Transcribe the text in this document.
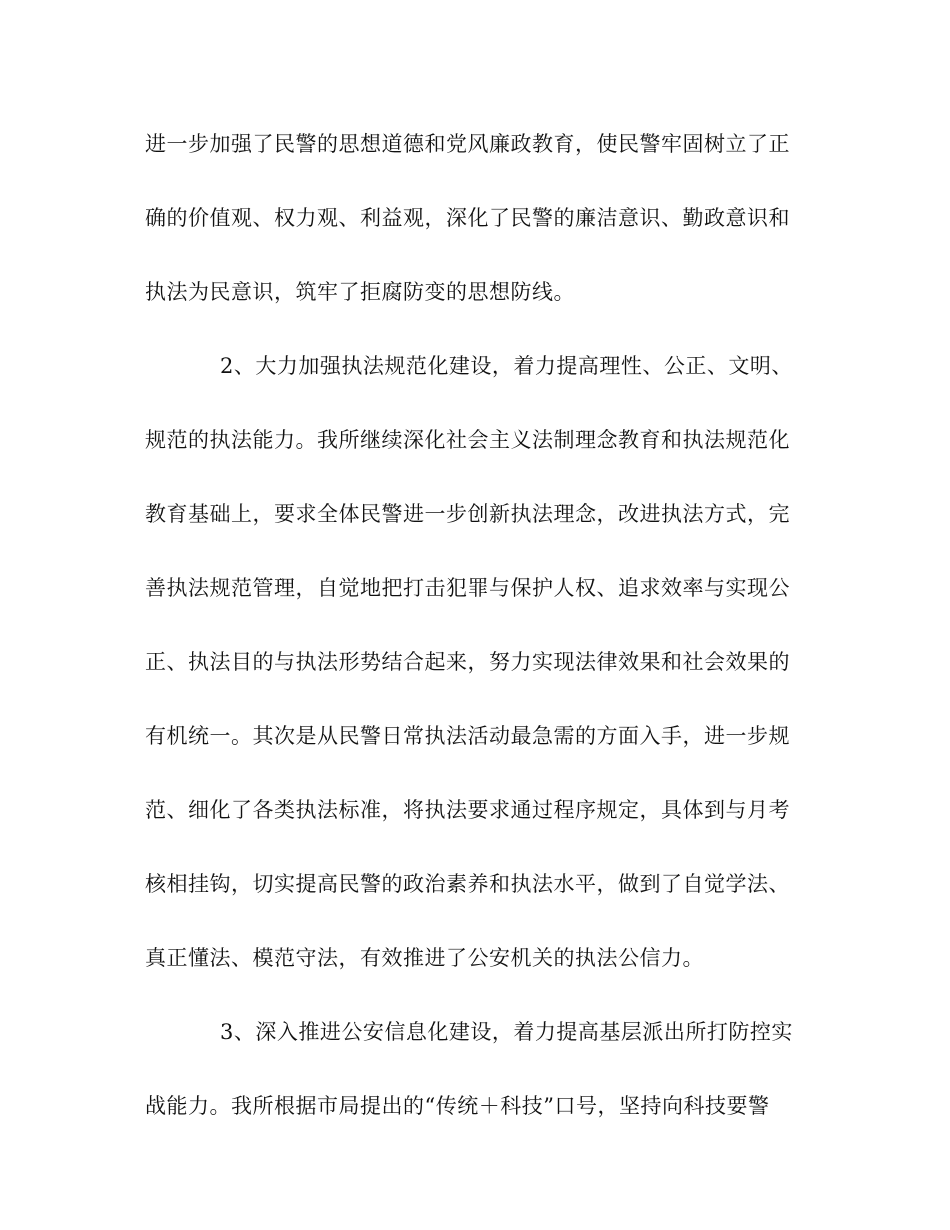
进一步加强了民警的思想道德和党风廉政教育，使民警牢固树立了正
确的价值观、权力观、利益观，深化了民警的廉洁意识、勤政意识和
执法为民意识，筑牢了拒腐防变的思想防线。
2、大力加强执法规范化建设，着力提高理性、公正、文明、
规范的执法能力。我所继续深化社会主义法制理念教育和执法规范化
教育基础上，要求全体民警进一步创新执法理念，改进执法方式，完
善执法规范管理，自觉地把打击犯罪与保护人权、追求效率与实现公
正、执法目的与执法形势结合起来，努力实现法律效果和社会效果的
有机统一。其次是从民警日常执法活动最急需的方面入手，进一步规
范、细化了各类执法标准，将执法要求通过程序规定，具体到与月考
核相挂钩，切实提高民警的政治素养和执法水平，做到了自觉学法、
真正懂法、模范守法，有效推进了公安机关的执法公信力。
3、深入推进公安信息化建设，着力提高基层派出所打防控实
战能力。我所根据市局提出的“传统＋科技”口号，坚持向科技要警
